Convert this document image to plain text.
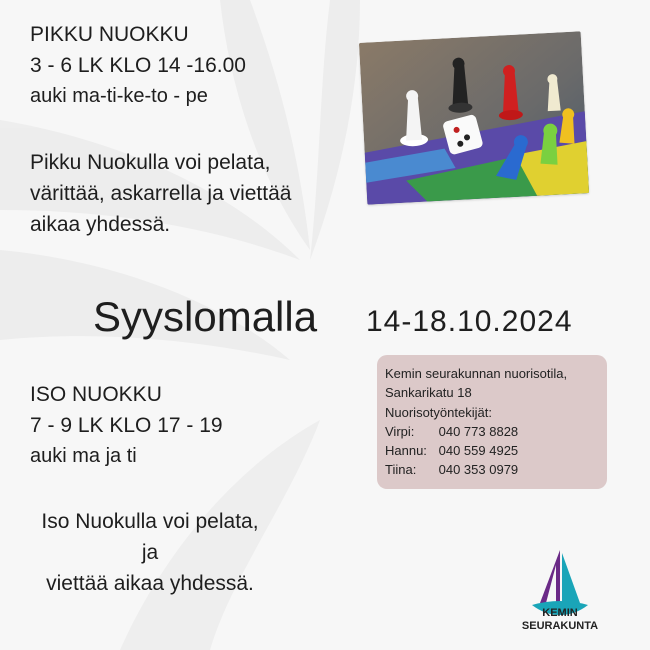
PIKKU NUOKKU
3 - 6 LK KLO 14 -16.00
auki ma-ti-ke-to - pe
Pikku Nuokulla voi pelata,
värittää, askarrella ja viettää
aikaa yhdessä.
Syyslomalla 14-18.10.2024
ISO NUOKKU
7 - 9 LK KLO 17 - 19
auki ma ja ti
Iso Nuokulla voi pelata,
ja
viettää aikaa yhdessä.
Kemin seurakunnan nuorisotila,
Sankarikatu 18
Nuorisotyöntekijät:
Virpi: 040 773 8828
Hannu: 040 559 4925
Tiina: 040 353 0979
KEMIN
SEURAKUNTA
